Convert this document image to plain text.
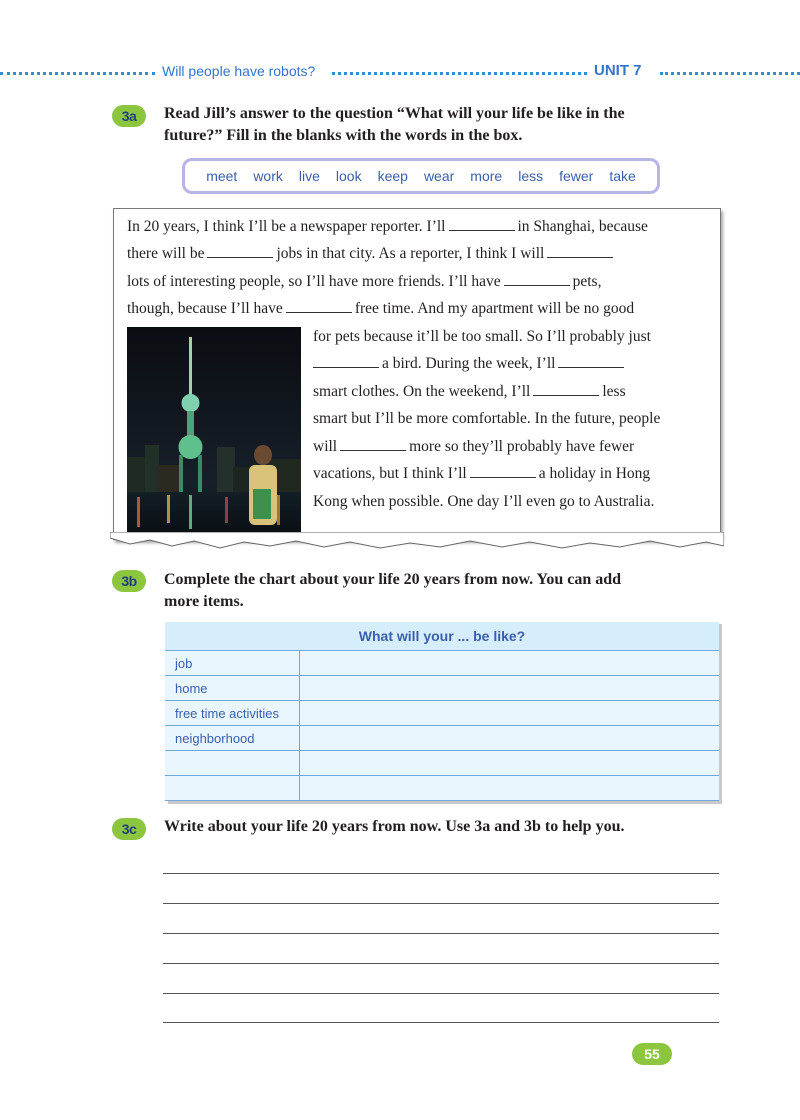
Will people have robots?	UNIT 7
3a	Read Jill’s answer to the question “What will your life be like in the
future?” Fill in the blanks with the words in the box.
meet work live look keep wear more less fewer take
In 20 years, I think I’ll be a newspaper reporter. I’ll	in Shanghai, because
there will be	jobs in that city. As a reporter, I think I will
lots of interesting people, so I’ll have more friends. I’ll have	pets,
though, because I’ll have	free time. And my apartment will be no good
for pets because it’ll be too small. So I’ll probably just
a bird. During the week, I’ll
smart clothes. On the weekend, I’ll	less
smart but I’ll be more comfortable. In the future, people
will	more so they’ll probably have fewer
vacations, but I think I’ll	a holiday in Hong
Kong when possible. One day I’ll even go to Australia.
3b	Complete the chart about your life 20 years from now. You can add
more items.
What will your ... be like?	
job	
home	
free time activities	
neighborhood	

3c	Write about your life 20 years from now. Use 3a and 3b to help you.
55
